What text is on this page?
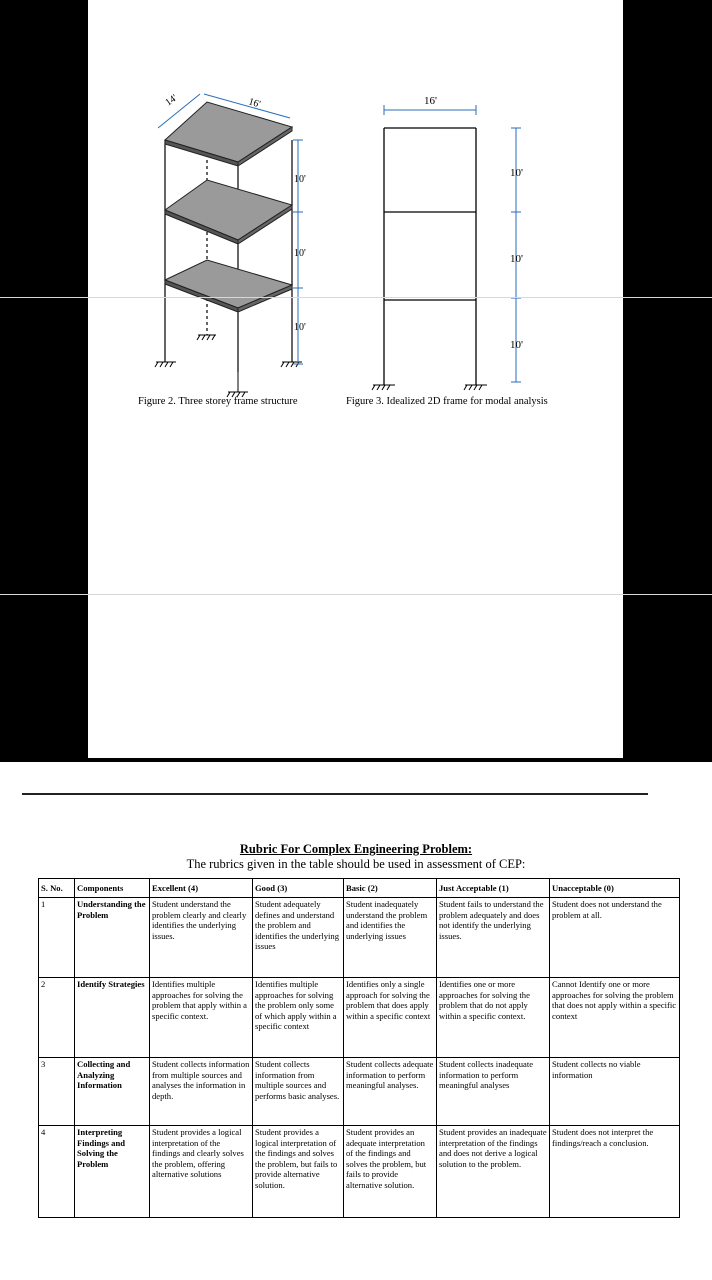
14'	16'
10'
10'
10'
16'
10'
10'
10'
Figure 2. Three storey frame structure	Figure 3. Idealized 2D frame for modal analysis
Rubric For Complex Engineering Problem:
The rubrics given in the table should be used in assessment of CEP:
S. No.	Components	Excellent (4)	Good (3)	Basic (2)	Just Acceptable (1)	Unacceptable (0)
1	Understanding the Problem	Student understand the problem clearly and clearly identifies the underlying issues.	Student adequately defines and understand the problem and identifies the underlying issues	Student inadequately understand the problem and identifies the underlying issues	Student fails to understand the problem adequately and does not identify the underlying issues.	Student does not understand the problem at all.
2	Identify Strategies	Identifies multiple approaches for solving the problem that apply within a specific context.	Identifies multiple approaches for solving the problem only some of which apply within a specific context	Identifies only a single approach for solving the problem that does apply within a specific context	Identifies one or more approaches for solving the problem that do not apply within a specific context.	Cannot Identify one or more approaches for solving the problem that does not apply within a specific context
3	Collecting and Analyzing Information	Student collects information from multiple sources and analyses the information in depth.	Student collects information from multiple sources and performs basic analyses.	Student collects adequate information to perform meaningful analyses.	Student collects inadequate information to perform meaningful analyses	Student collects no viable information
4	Interpreting Findings and Solving the Problem	Student provides a logical interpretation of the findings and clearly solves the problem, offering alternative solutions	Student provides a logical interpretation of the findings and solves the problem, but fails to provide alternative solution.	Student provides an adequate interpretation of the findings and solves the problem, but fails to provide alternative solution.	Student provides an inadequate interpretation of the findings and does not derive a logical solution to the problem.	Student does not interpret the findings/reach a conclusion.
